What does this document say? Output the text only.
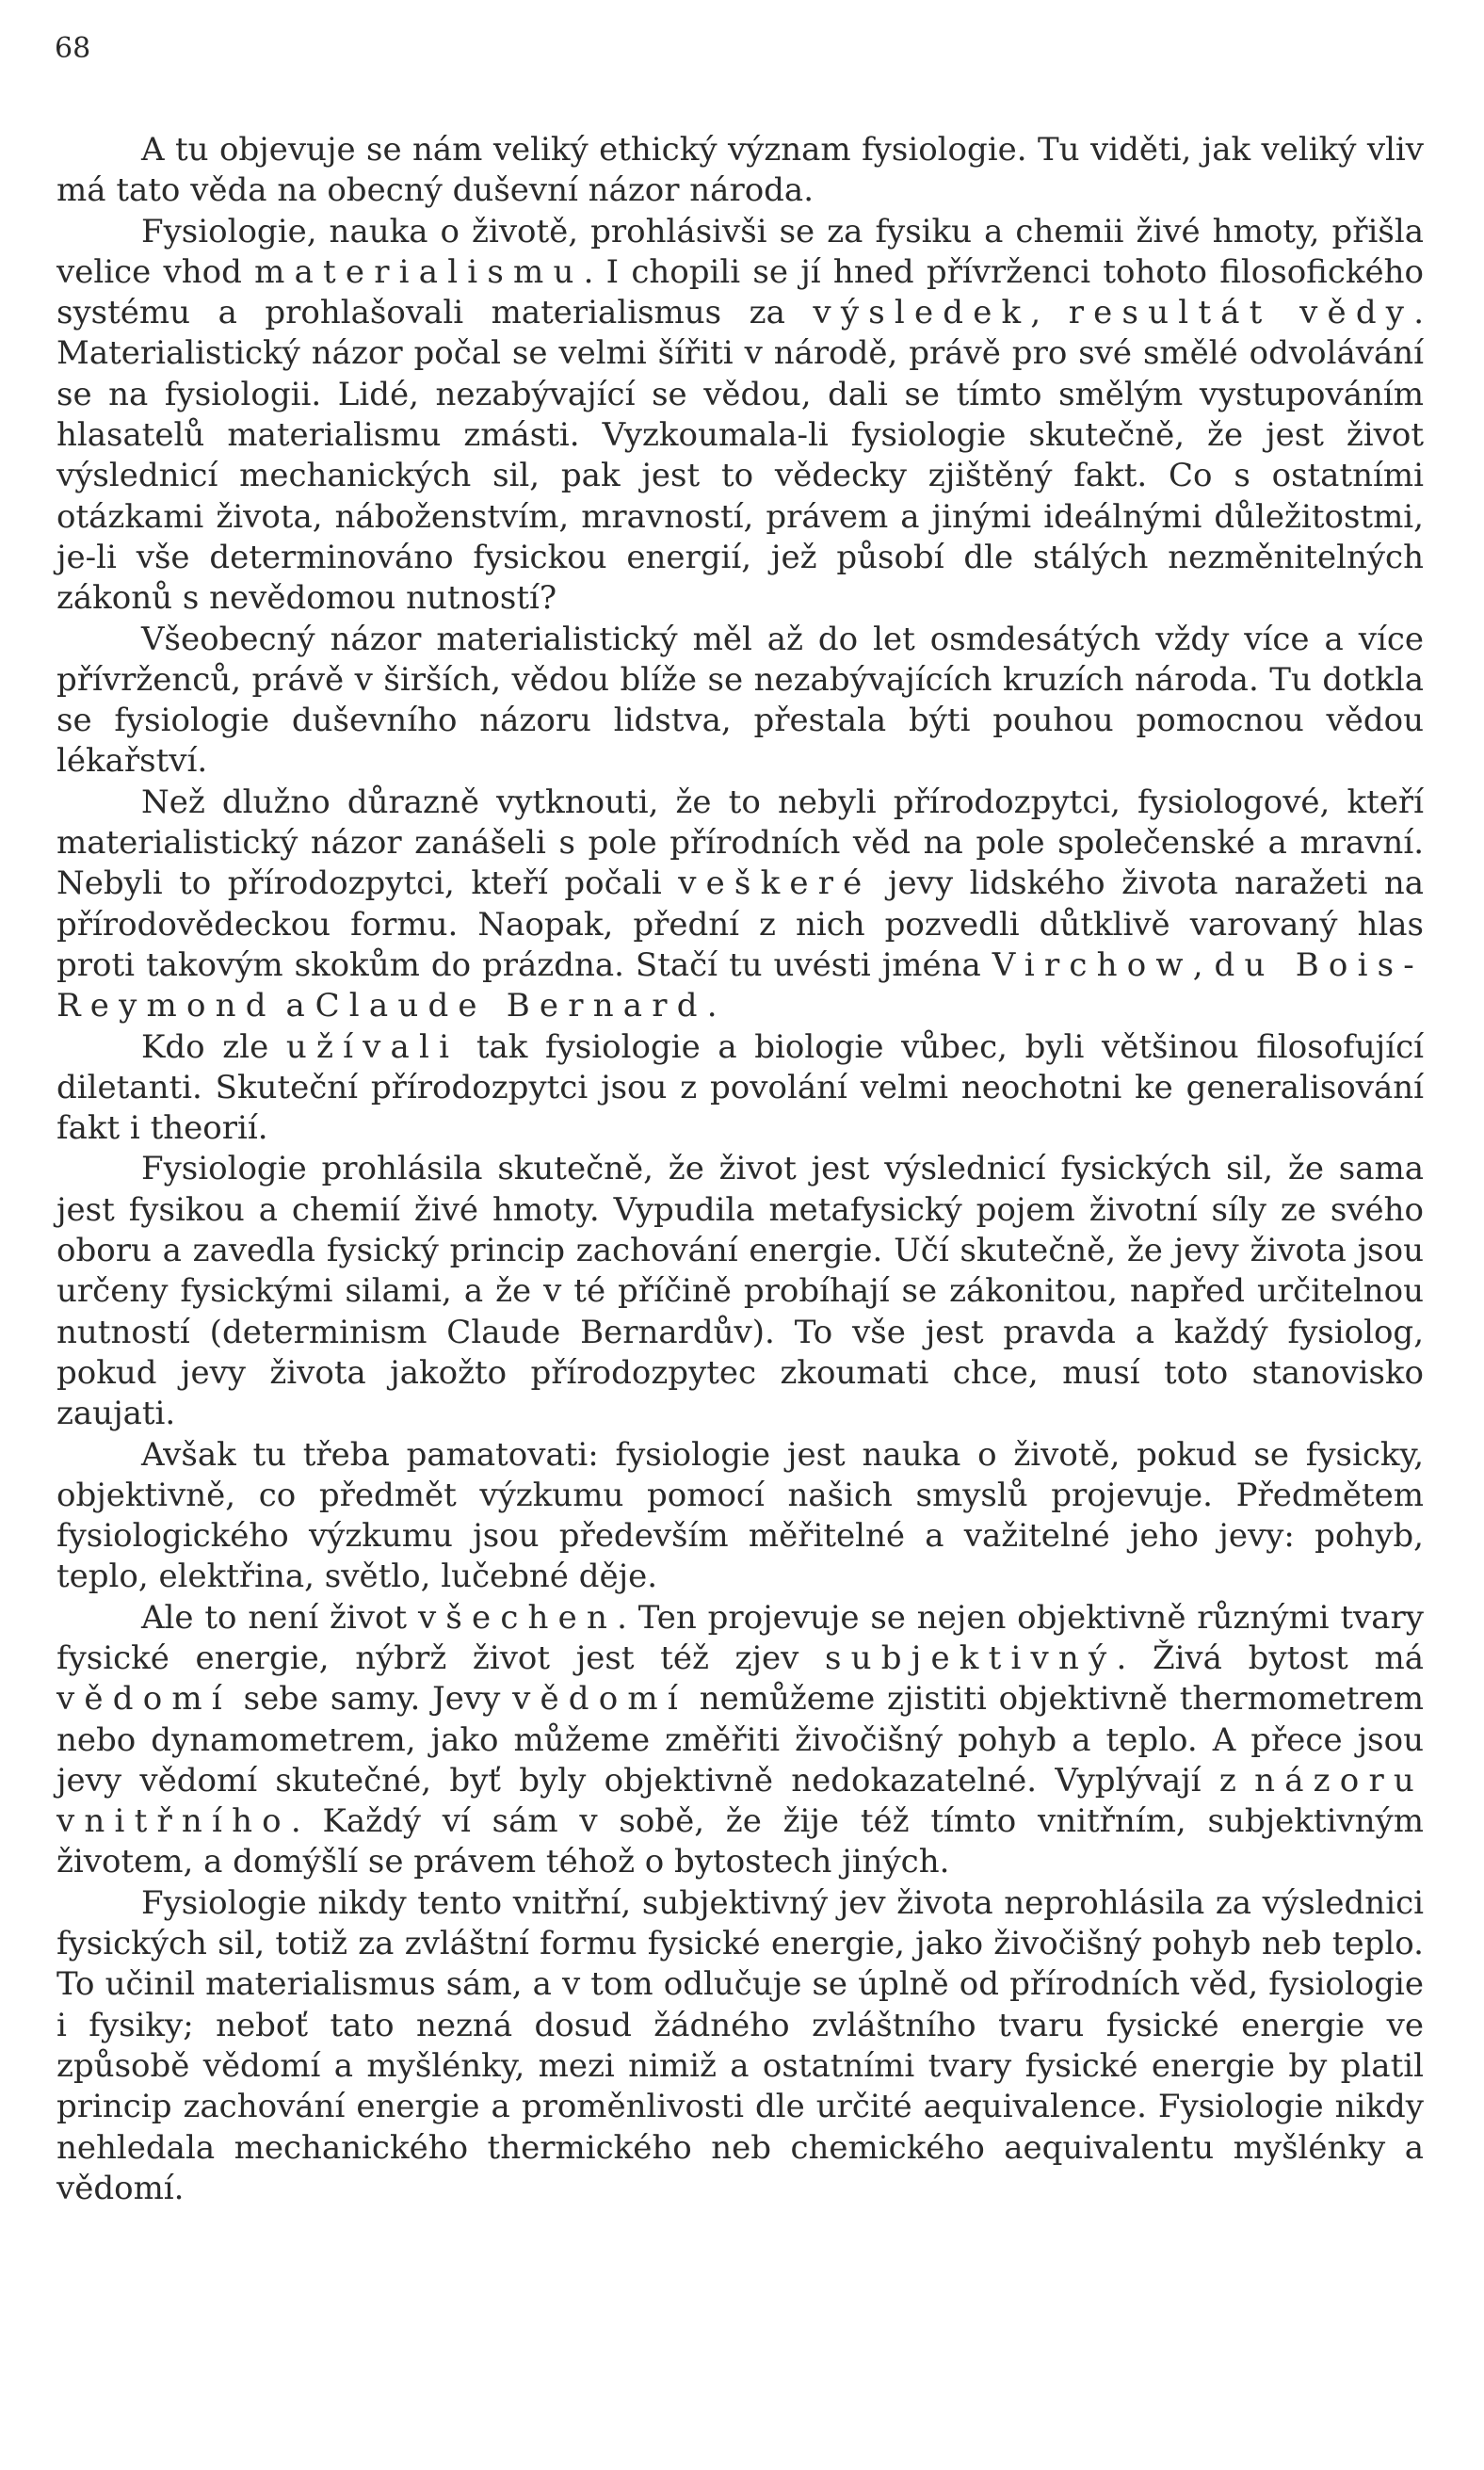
68

A tu objevuje se nám veliký ethický význam fysiologie. Tu viděti, jak veliký vliv má tato věda na obecný duševní názor národa.

Fysiologie, nauka o životě, prohlásivši se za fysiku a chemii živé hmoty, přišla velice vhod materialismu. I chopili se jí hned přívrženci tohoto filosofického systému a prohlašovali materialismus za výsledek, resultát vědy. Materialistický názor počal se velmi šířiti v národě, právě pro své smělé odvolávání se na fysiologii. Lidé, nezabývající se vědou, dali se tímto smělým vystupováním hlasatelů materialismu zmásti. Vyzkoumala-li fysiologie skutečně, že jest život výslednicí mechanických sil, pak jest to vědecky zjištěný fakt. Co s ostatními otázkami života, náboženstvím, mravností, právem a jinými ideálnými důležitostmi, je-li vše determinováno fysickou energií, jež působí dle stálých nezměnitelných zákonů s nevědomou nutností?

Všeobecný názor materialistický měl až do let osmdesátých vždy více a více přívrženců, právě v širších, vědou blíže se nezabývajících kruzích národa. Tu dotkla se fysiologie duševního názoru lidstva, přestala býti pouhou pomocnou vědou lékařství.

Než dlužno důrazně vytknouti, že to nebyli přírodozpytci, fysiologové, kteří materialistický názor zanášeli s pole přírodních věd na pole společenské a mravní. Nebyli to přírodozpytci, kteří počali veškeré jevy lidského života naražeti na přírodovědeckou formu. Naopak, přední z nich pozvedli důtklivě varovaný hlas proti takovým skokům do prázdna. Stačí tu uvésti jména Virchow, du Bois-Reymond a Claude Bernard.

Kdo zle užívali tak fysiologie a biologie vůbec, byli většinou filosofující diletanti. Skuteční přírodozpytci jsou z povolání velmi neochotni ke generalisování fakt i theorií.

Fysiologie prohlásila skutečně, že život jest výslednicí fysických sil, že sama jest fysikou a chemií živé hmoty. Vypudila metafysický pojem životní síly ze svého oboru a zavedla fysický princip zachování energie. Učí skutečně, že jevy života jsou určeny fysickými silami, a že v té příčině probíhají se zákonitou, napřed určitelnou nutností (determinism Claude Bernardův). To vše jest pravda a každý fysiolog, pokud jevy života jakožto přírodozpytec zkoumati chce, musí toto stanovisko zaujati.

Avšak tu třeba pamatovati: fysiologie jest nauka o životě, pokud se fysicky, objektivně, co předmět výzkumu pomocí našich smyslů projevuje. Předmětem fysiologického výzkumu jsou především měřitelné a važitelné jeho jevy: pohyb, teplo, elektřina, světlo, lučebné děje.

Ale to není život všechen. Ten projevuje se nejen objektivně různými tvary fysické energie, nýbrž život jest též zjev subjektivný. Živá bytost má vědomí sebe samy. Jevy vědomí nemůžeme zjistiti objektivně thermometrem nebo dynamometrem, jako můžeme změřiti živočišný pohyb a teplo. A přece jsou jevy vědomí skutečné, byť byly objektivně nedokazatelné. Vyplývají z názoru vnitřního. Každý ví sám v sobě, že žije též tímto vnitřním, subjektivným životem, a domýšlí se právem téhož o bytostech jiných.

Fysiologie nikdy tento vnitřní, subjektivný jev života neprohlásila za výslednici fysických sil, totiž za zvláštní formu fysické energie, jako živočišný pohyb neb teplo. To učinil materialismus sám, a v tom odlučuje se úplně od přírodních věd, fysiologie i fysiky; neboť tato nezná dosud žádného zvláštního tvaru fysické energie ve způsobě vědomí a myšlénky, mezi nimiž a ostatními tvary fysické energie by platil princip zachování energie a proměnlivosti dle určité aequivalence. Fysiologie nikdy nehledala mechanického thermického neb chemického aequivalentu myšlénky a vědomí.
